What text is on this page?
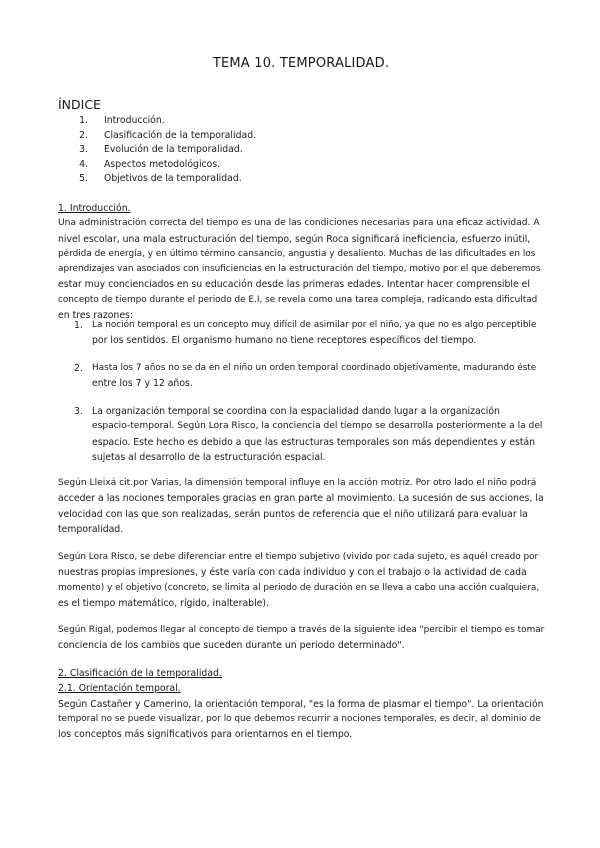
TEMA 10. TEMPORALIDAD.
ÍNDICE
1. Introducción.
2. Clasificación de la temporalidad.
3. Evolución de la temporalidad.
4. Aspectos metodológicos.
5. Objetivos de la temporalidad.
1. Introducción.
Una administración correcta del tiempo es una de las condiciones necesarias para una eficaz actividad. A
nivel escolar, una mala estructuración del tiempo, según Roca significará ineficiencia, esfuerzo inútil,
pérdida de energía, y en último término cansancio, angustia y desaliento. Muchas de las dificultades en los
aprendizajes van asociados con insuficiencias en la estructuración del tiempo, motivo por el que deberemos
estar muy concienciados en su educación desde las primeras edades. Intentar hacer comprensible el
concepto de tiempo durante el periodo de E.I, se revela como una tarea compleja, radicando esta dificultad
en tres razones:
1. La noción temporal es un concepto muy difícil de asimilar por el niño, ya que no es algo perceptible
por los sentidos. El organismo humano no tiene receptores específicos del tiempo.
2. Hasta los 7 años no se da en el niño un orden temporal coordinado objetivamente, madurando éste
entre los 7 y 12 años.
3. La organización temporal se coordina con la espacialidad dando lugar a la organización
espacio-temporal. Según Lora Risco, la conciencia del tiempo se desarrolla posteriormente a la del
espacio. Este hecho es debido a que las estructuras temporales son más dependientes y están
sujetas al desarrollo de la estructuración espacial.
Según Lleixá cit.por Varias, la dimensión temporal influye en la acción motriz. Por otro lado el niño podrá
acceder a las nociones temporales gracias en gran parte al movimiento. La sucesión de sus acciones, la
velocidad con las que son realizadas, serán puntos de referencia que el niño utilizará para evaluar la
temporalidad.
Según Lora Risco, se debe diferenciar entre el tiempo subjetivo (vivido por cada sujeto, es aquél creado por
nuestras propias impresiones, y éste varía con cada individuo y con el trabajo o la actividad de cada
momento) y el objetivo (concreto, se limita al periodo de duración en se lleva a cabo una acción cualquiera,
es el tiempo matemático, rígido, inalterable).
Según Rigal, podemos llegar al concepto de tiempo a través de la siguiente idea "percibir el tiempo es tomar
conciencia de los cambios que suceden durante un periodo determinado".
2. Clasificación de la temporalidad.
2.1. Orientación temporal.
Según Castañer y Camerino, la orientación temporal, "es la forma de plasmar el tiempo". La orientación
temporal no se puede visualizar, por lo que debemos recurrir a nociones temporales, es decir, al dominio de
los conceptos más significativos para orientarnos en el tiempo.
